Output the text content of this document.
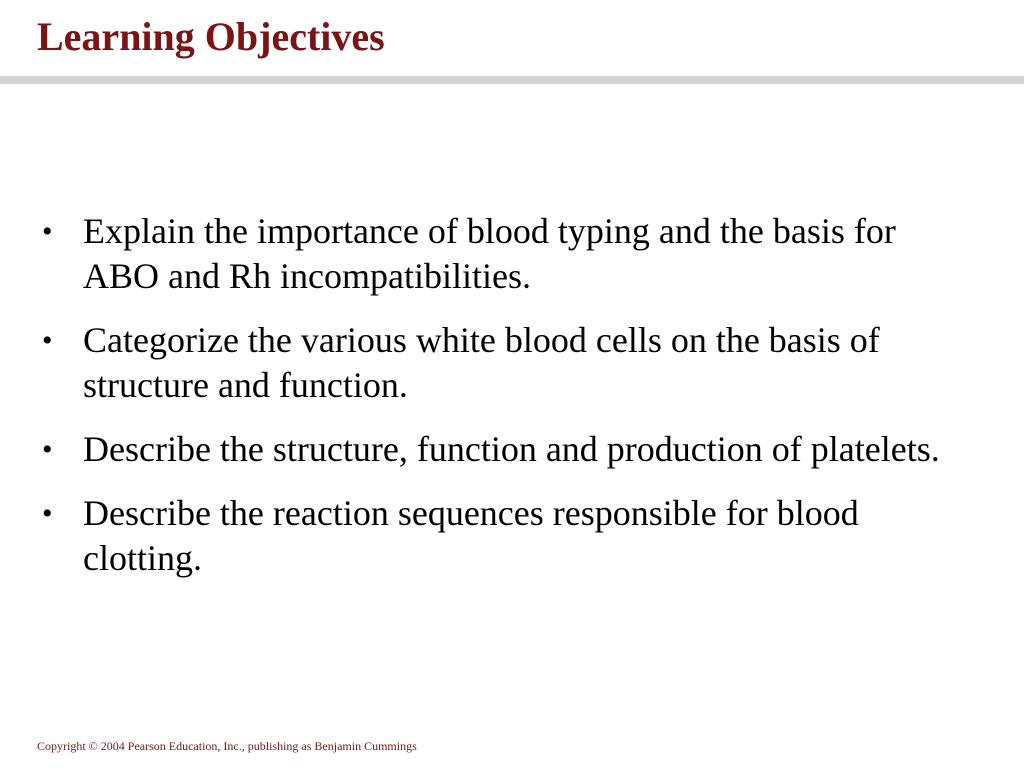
Learning Objectives
• Explain the importance of blood typing and the basis for ABO and Rh incompatibilities.
• Categorize the various white blood cells on the basis of structure and function.
• Describe the structure, function and production of platelets.
• Describe the reaction sequences responsible for blood clotting.
Copyright © 2004 Pearson Education, Inc., publishing as Benjamin Cummings
